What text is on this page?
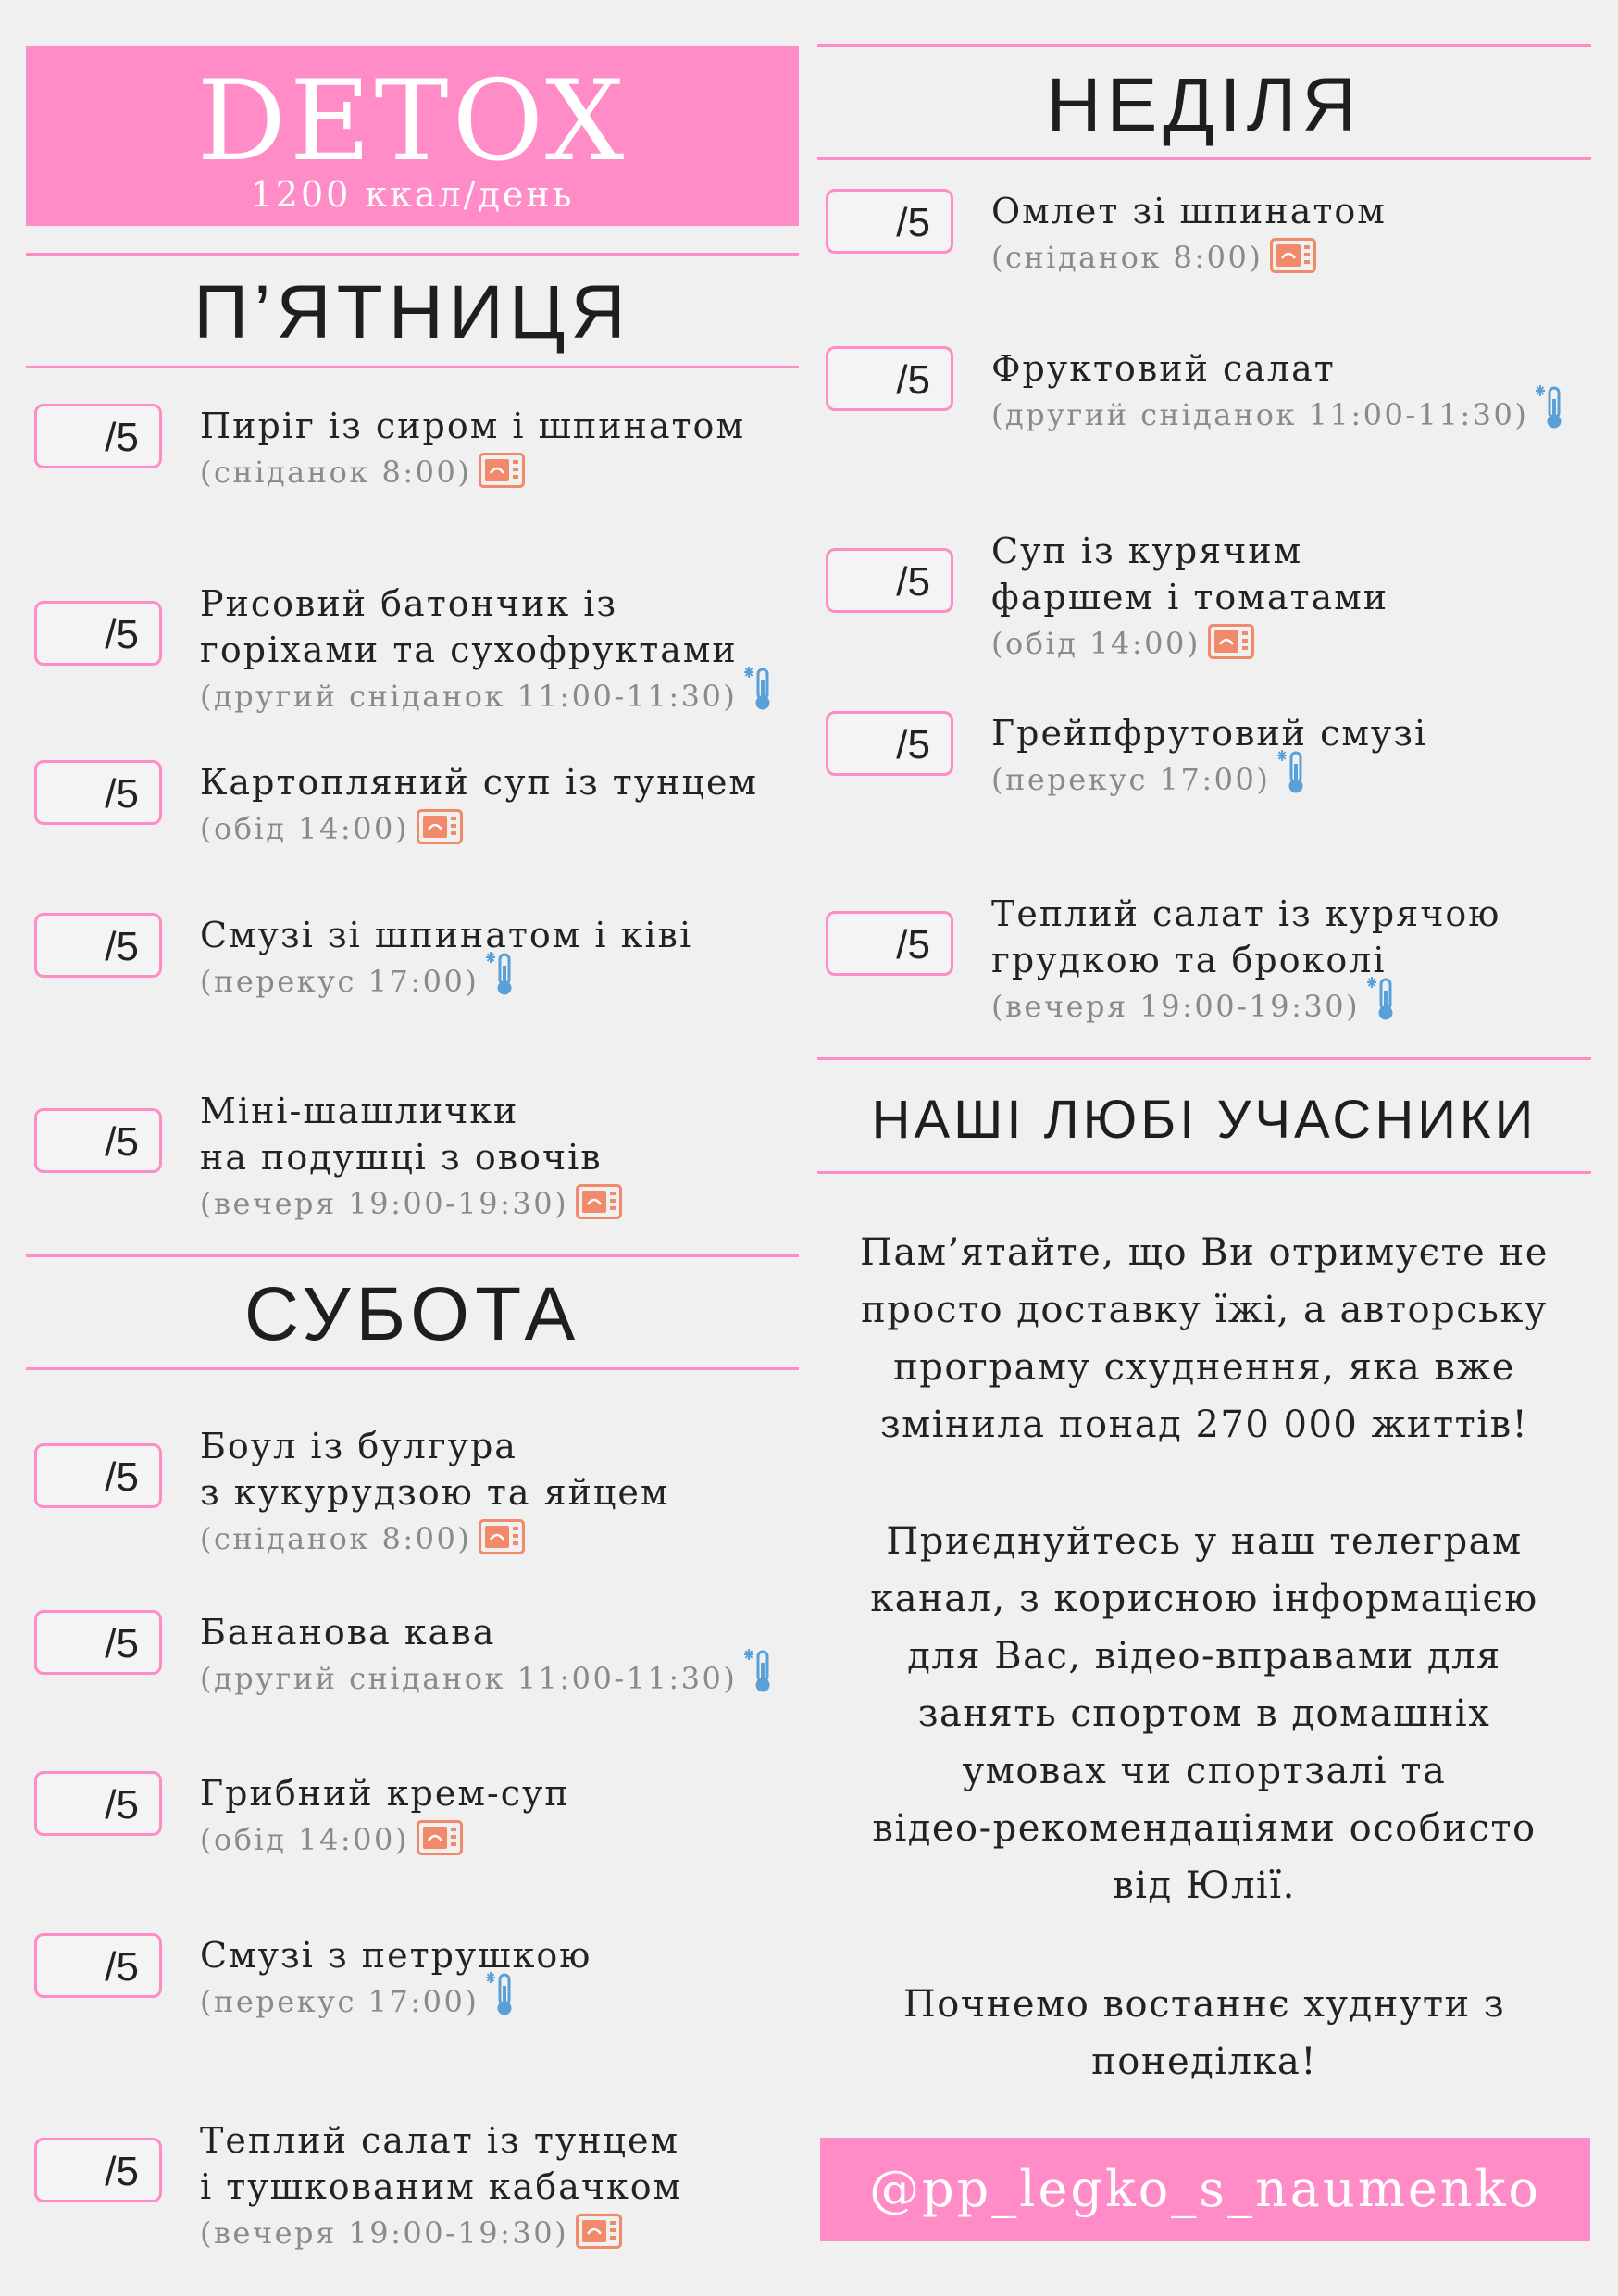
DETOX
1200 ккал/день
П’ЯТНИЦЯ
/5 Пиріг із сиром і шпинатом
(сніданок 8:00)
/5
Рисовий батончик із
горіхами та сухофруктами
(другий сніданок 11:00-11:30)
/5 Картопляний суп із тунцем
(обід 14:00)
/5 Смузі зі шпинатом і ківі
(перекус 17:00)
/5
Міні-шашлички
на подушці з овочів
(вечеря 19:00-19:30)
СУБОТА
/5
Боул із булгура
з кукурудзою та яйцем
(сніданок 8:00)
/5 Бананова кава
(другий сніданок 11:00-11:30)
/5 Грибний крем-суп
(обід 14:00)
/5 Смузі з петрушкою
(перекус 17:00)
/5
Теплий салат із тунцем
і тушкованим кабачком
(вечеря 19:00-19:30)
НЕДІЛЯ
/5 Омлет зі шпинатом
(сніданок 8:00)
/5 Фруктовий салат
(другий сніданок 11:00-11:30)
/5
Суп із курячим
фаршем і томатами
(обід 14:00)
/5 Грейпфрутовий смузі
(перекус 17:00)
/5
Теплий салат із курячою
грудкою та броколі
(вечеря 19:00-19:30)
НАШІ ЛЮБІ УЧАСНИКИ
Пам’ятайте, що Ви отримуєте не
просто доставку їжі, а авторську
програму схуднення, яка вже
змінила понад 270 000 життів!
Приєднуйтесь у наш телеграм
канал, з корисною інформацією
для Вас, відео-вправами для
занять спортом в домашніх
умовах чи спортзалі та
відео-рекомендаціями особисто
від Юлії.
Почнемо востаннє худнути з
понеділка!
@pp_legko_s_naumenko
